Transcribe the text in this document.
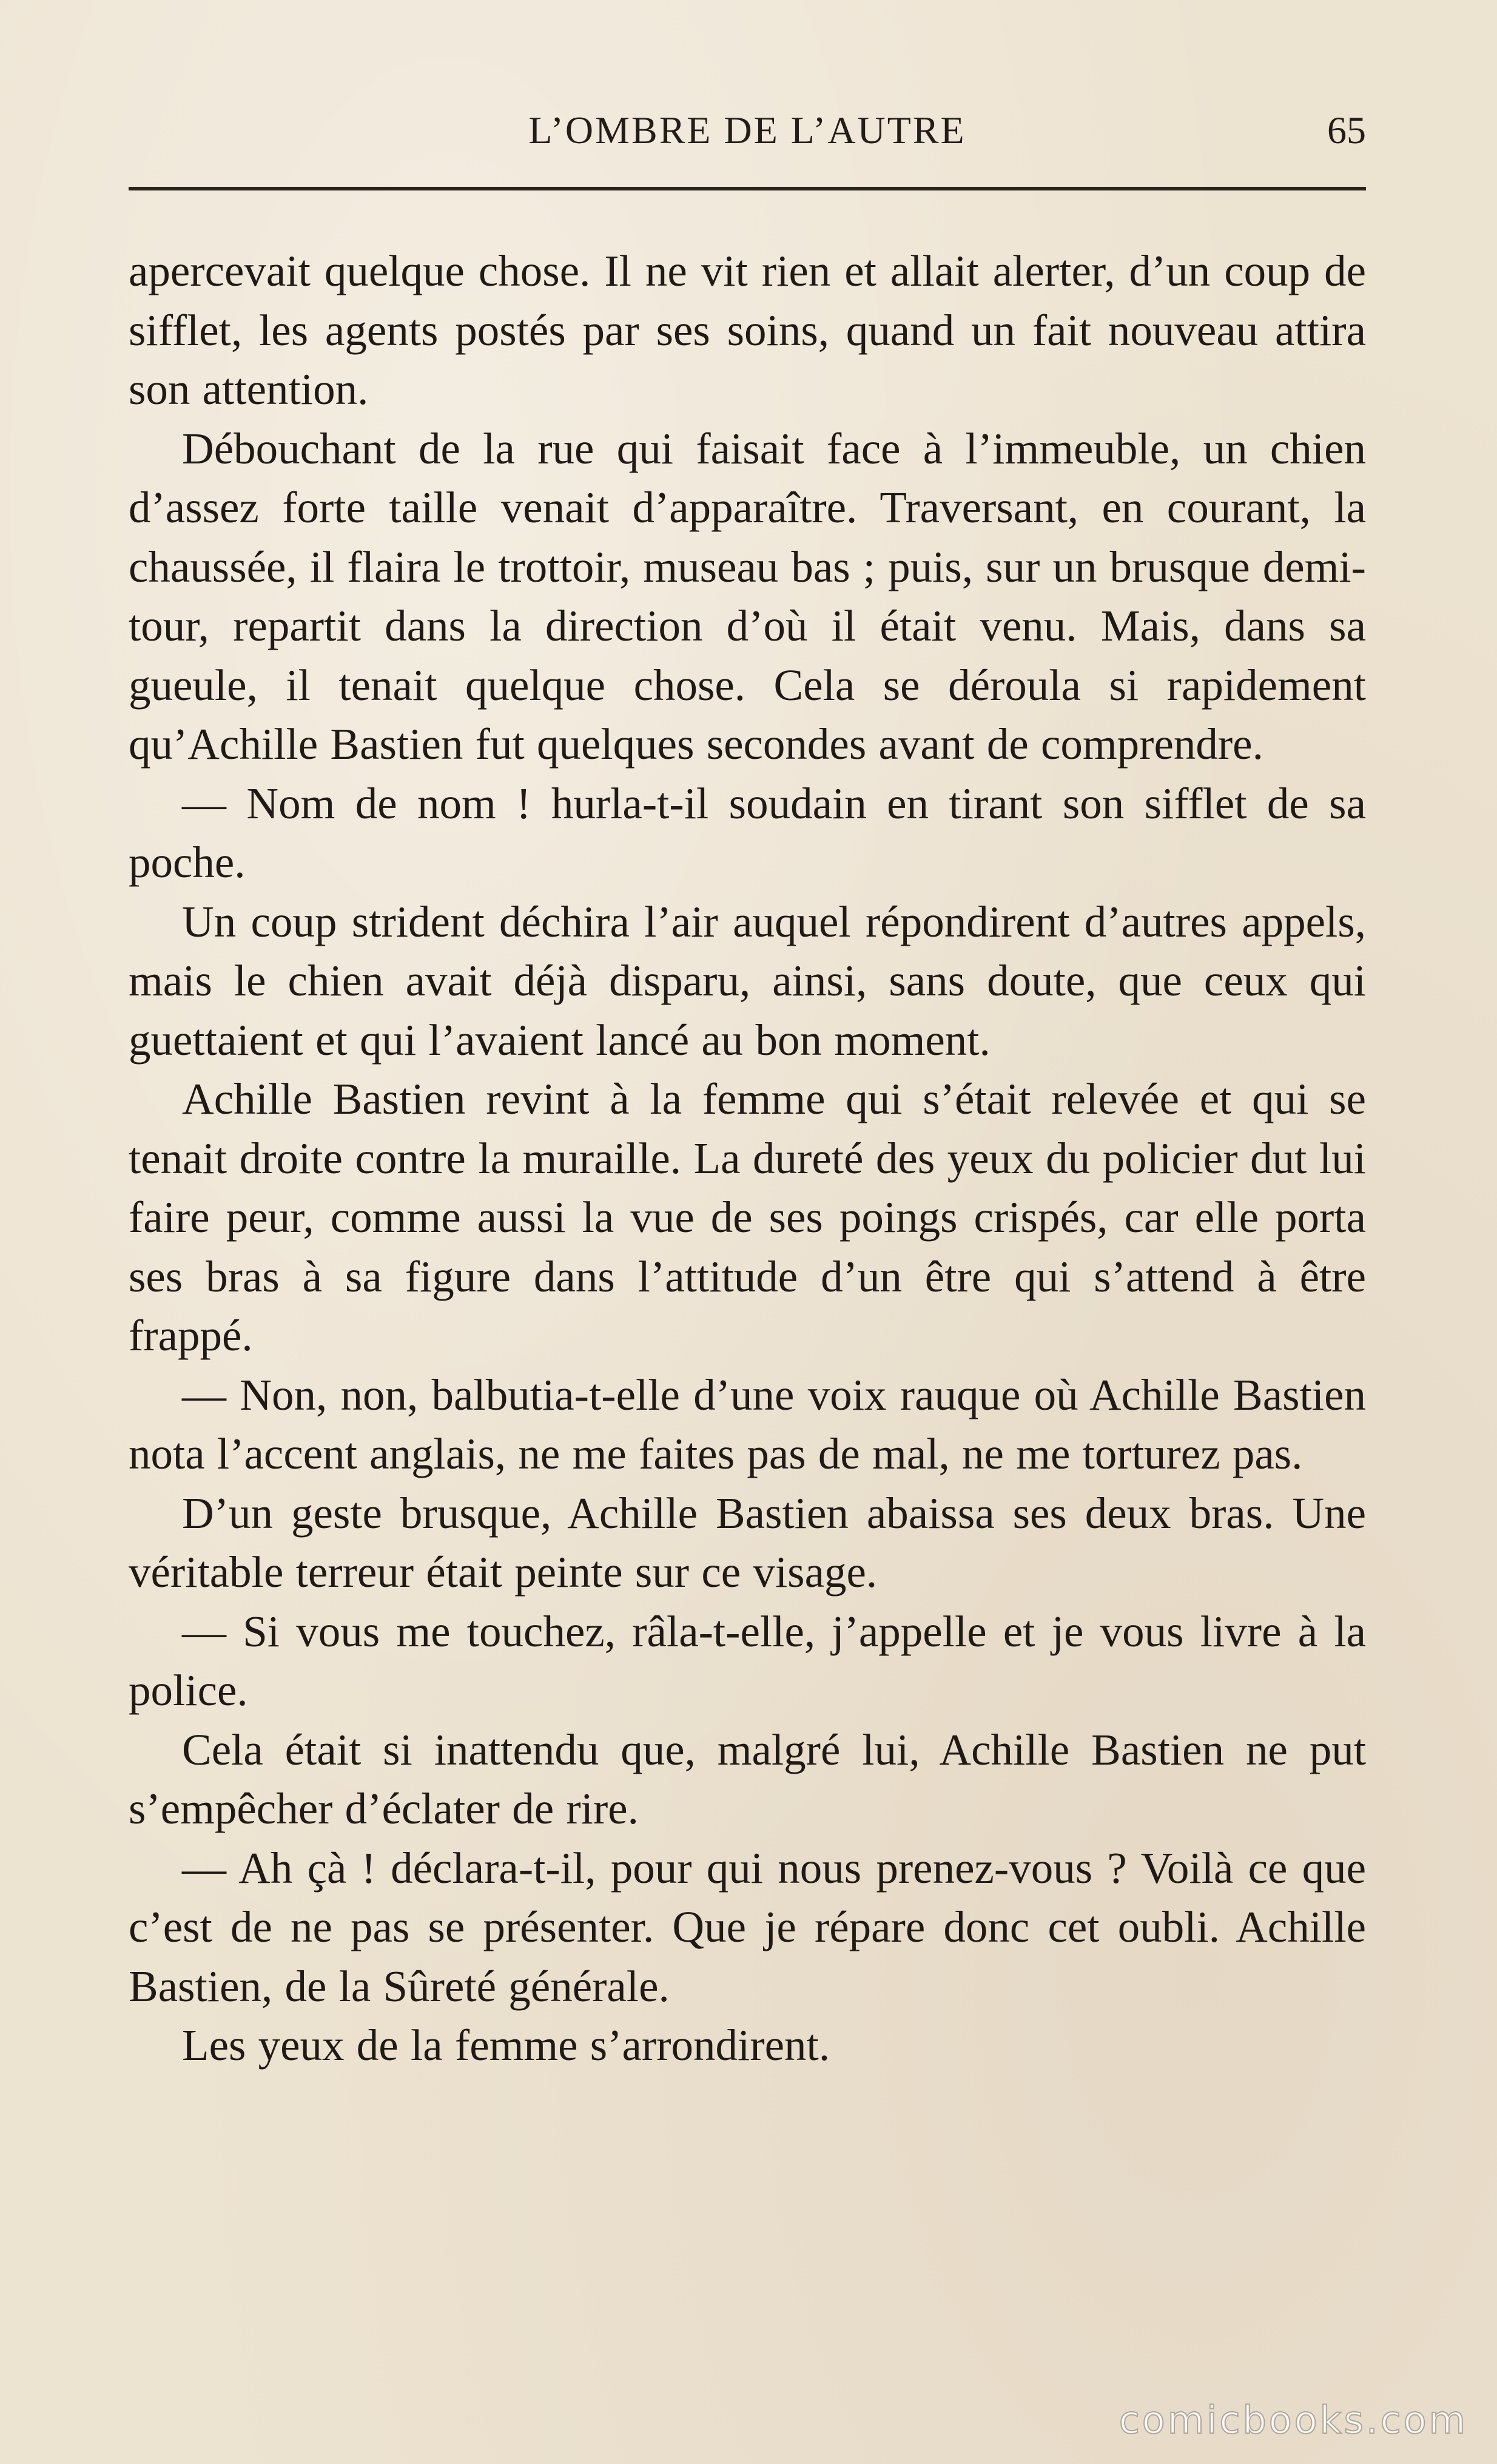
L’OMBRE DE L’AUTRE	65

apercevait quelque chose. Il ne vit rien et allait alerter, d’un coup de sifflet, les agents postés par ses soins, quand un fait nouveau attira son attention.

Débouchant de la rue qui faisait face à l’immeuble, un chien d’assez forte taille venait d’apparaître. Traversant, en courant, la chaussée, il flaira le trottoir, museau bas ; puis, sur un brusque demi-tour, repartit dans la direction d’où il était venu. Mais, dans sa gueule, il tenait quelque chose. Cela se déroula si rapidement qu’Achille Bastien fut quelques secondes avant de comprendre.

— Nom de nom ! hurla-t-il soudain en tirant son sifflet de sa poche.

Un coup strident déchira l’air auquel répondirent d’autres appels, mais le chien avait déjà disparu, ainsi, sans doute, que ceux qui guettaient et qui l’avaient lancé au bon moment.

Achille Bastien revint à la femme qui s’était relevée et qui se tenait droite contre la muraille. La dureté des yeux du policier dut lui faire peur, comme aussi la vue de ses poings crispés, car elle porta ses bras à sa figure dans l’attitude d’un être qui s’attend à être frappé.

— Non, non, balbutia-t-elle d’une voix rauque où Achille Bastien nota l’accent anglais, ne me faites pas de mal, ne me torturez pas.

D’un geste brusque, Achille Bastien abaissa ses deux bras. Une véritable terreur était peinte sur ce visage.

— Si vous me touchez, râla-t-elle, j’appelle et je vous livre à la police.

Cela était si inattendu que, malgré lui, Achille Bastien ne put s’empêcher d’éclater de rire.

— Ah çà ! déclara-t-il, pour qui nous prenez-vous ? Voilà ce que c’est de ne pas se présenter. Que je répare donc cet oubli. Achille Bastien, de la Sûreté générale.

Les yeux de la femme s’arrondirent.

comicbooks.com
